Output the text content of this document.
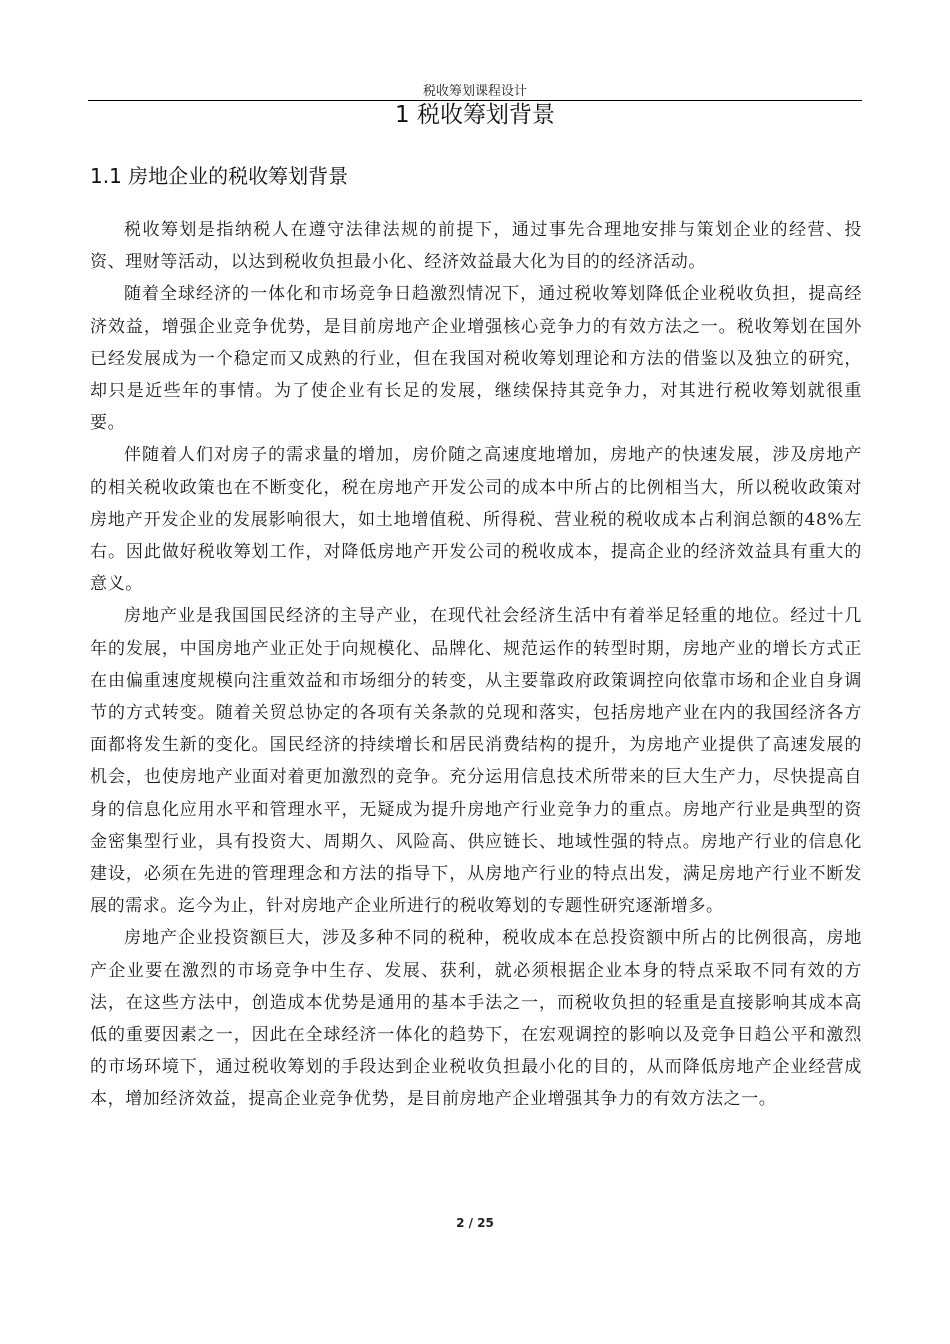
税收筹划课程设计
1 税收筹划背景
1.1 房地企业的税收筹划背景

税收筹划是指纳税人在遵守法律法规的前提下，通过事先合理地安排与策划企业的经营、投资、理财等活动，以达到税收负担最小化、经济效益最大化为目的的经济活动。

随着全球经济的一体化和市场竞争日趋激烈情况下，通过税收筹划降低企业税收负担，提高经济效益，增强企业竞争优势，是目前房地产企业增强核心竞争力的有效方法之一。税收筹划在国外已经发展成为一个稳定而又成熟的行业，但在我国对税收筹划理论和方法的借鉴以及独立的研究，却只是近些年的事情。为了使企业有长足的发展，继续保持其竞争力，对其进行税收筹划就很重要。

伴随着人们对房子的需求量的增加，房价随之高速度地增加，房地产的快速发展，涉及房地产的相关税收政策也在不断变化，税在房地产开发公司的成本中所占的比例相当大，所以税收政策对房地产开发企业的发展影响很大，如土地增值税、所得税、营业税的税收成本占利润总额的48%左右。因此做好税收筹划工作，对降低房地产开发公司的税收成本，提高企业的经济效益具有重大的意义。

房地产业是我国国民经济的主导产业，在现代社会经济生活中有着举足轻重的地位。经过十几年的发展，中国房地产业正处于向规模化、品牌化、规范运作的转型时期，房地产业的增长方式正在由偏重速度规模向注重效益和市场细分的转变，从主要靠政府政策调控向依靠市场和企业自身调节的方式转变。随着关贸总协定的各项有关条款的兑现和落实，包括房地产业在内的我国经济各方面都将发生新的变化。国民经济的持续增长和居民消费结构的提升，为房地产业提供了高速发展的机会，也使房地产业面对着更加激烈的竞争。充分运用信息技术所带来的巨大生产力，尽快提高自身的信息化应用水平和管理水平，无疑成为提升房地产行业竞争力的重点。房地产行业是典型的资金密集型行业，具有投资大、周期久、风险高、供应链长、地域性强的特点。房地产行业的信息化建设，必须在先进的管理理念和方法的指导下，从房地产行业的特点出发，满足房地产行业不断发展的需求。迄今为止，针对房地产企业所进行的税收筹划的专题性研究逐渐增多。

房地产企业投资额巨大，涉及多种不同的税种，税收成本在总投资额中所占的比例很高，房地产企业要在激烈的市场竞争中生存、发展、获利，就必须根据企业本身的特点采取不同有效的方法，在这些方法中，创造成本优势是通用的基本手法之一，而税收负担的轻重是直接影响其成本高低的重要因素之一，因此在全球经济一体化的趋势下，在宏观调控的影响以及竞争日趋公平和激烈的市场环境下，通过税收筹划的手段达到企业税收负担最小化的目的，从而降低房地产企业经营成本，增加经济效益，提高企业竞争优势，是目前房地产企业增强其争力的有效方法之一。

2 / 25
